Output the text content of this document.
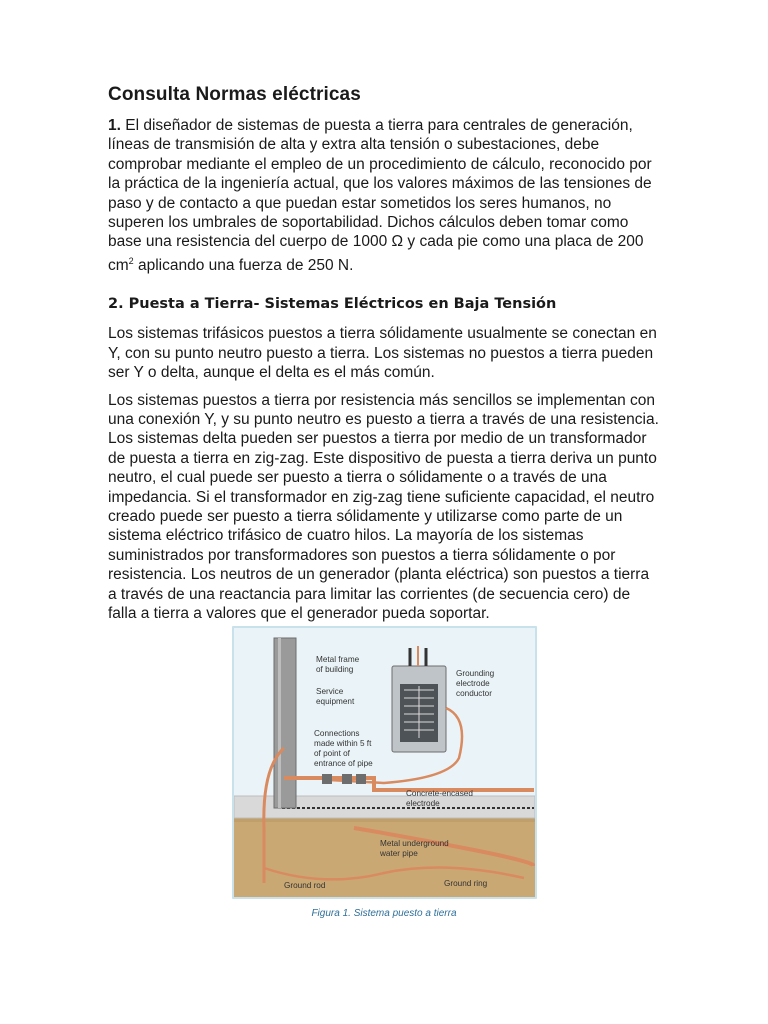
Consulta Normas eléctricas

1. El diseñador de sistemas de puesta a tierra para centrales de generación, líneas de transmisión de alta y extra alta tensión o subestaciones, debe comprobar mediante el empleo de un procedimiento de cálculo, reconocido por la práctica de la ingeniería actual, que los valores máximos de las tensiones de paso y de contacto a que puedan estar sometidos los seres humanos, no superen los umbrales de soportabilidad. Dichos cálculos deben tomar como base una resistencia del cuerpo de 1000 Ω y cada pie como una placa de 200 $cm^2$ aplicando una fuerza de 250 N.

2. Puesta a Tierra- Sistemas Eléctricos en Baja Tensión

Los sistemas trifásicos puestos a tierra sólidamente usualmente se conectan en Y, con su punto neutro puesto a tierra. Los sistemas no puestos a tierra pueden ser Y o delta, aunque el delta es el más común.

Los sistemas puestos a tierra por resistencia más sencillos se implementan con una conexión Y, y su punto neutro es puesto a tierra a través de una resistencia. Los sistemas delta pueden ser puestos a tierra por medio de un transformador de puesta a tierra en zig-zag. Este dispositivo de puesta a tierra deriva un punto neutro, el cual puede ser puesto a tierra o sólidamente o a través de una impedancia. Si el transformador en zig-zag tiene suficiente capacidad, el neutro creado puede ser puesto a tierra sólidamente y utilizarse como parte de un sistema eléctrico trifásico de cuatro hilos. La mayoría de los sistemas suministrados por transformadores son puestos a tierra sólidamente o por resistencia. Los neutros de un generador (planta eléctrica) son puestos a tierra a través de una reactancia para limitar las corrientes (de secuencia cero) de falla a tierra a valores que el generador pueda soportar.

Metal frame
of building
Service
equipment
Grounding
electrode
conductor
Connections
made within 5 ft
of point of
entrance of pipe
Concrete-encased
electrode
Metal underground
water pipe
Ground rod	Ground ring
Figura 1. Sistema puesto a tierra
